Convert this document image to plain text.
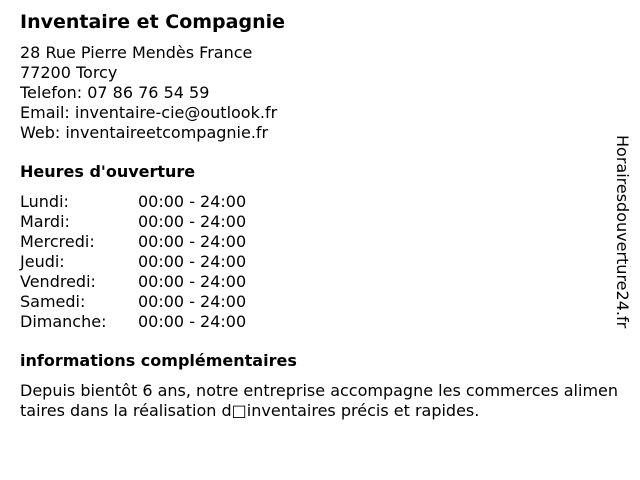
Inventaire et Compagnie
28 Rue Pierre Mendès France
77200 Torcy
Telefon: 07 86 76 54 59
Email: inventaire-cie@outlook.fr
Web: inventaireetcompagnie.fr
Heures d'ouverture
Lundi:	00:00 - 24:00
Mardi:	00:00 - 24:00
Mercredi:	00:00 - 24:00
Jeudi:	00:00 - 24:00
Vendredi:	00:00 - 24:00
Samedi:	00:00 - 24:00
Dimanche:	00:00 - 24:00
informations complémentaires
Depuis bientôt 6 ans, notre entreprise accompagne les commerces alimentaires dans la réalisation d□inventaires précis et rapides.
Horairesdouverture24.fr
